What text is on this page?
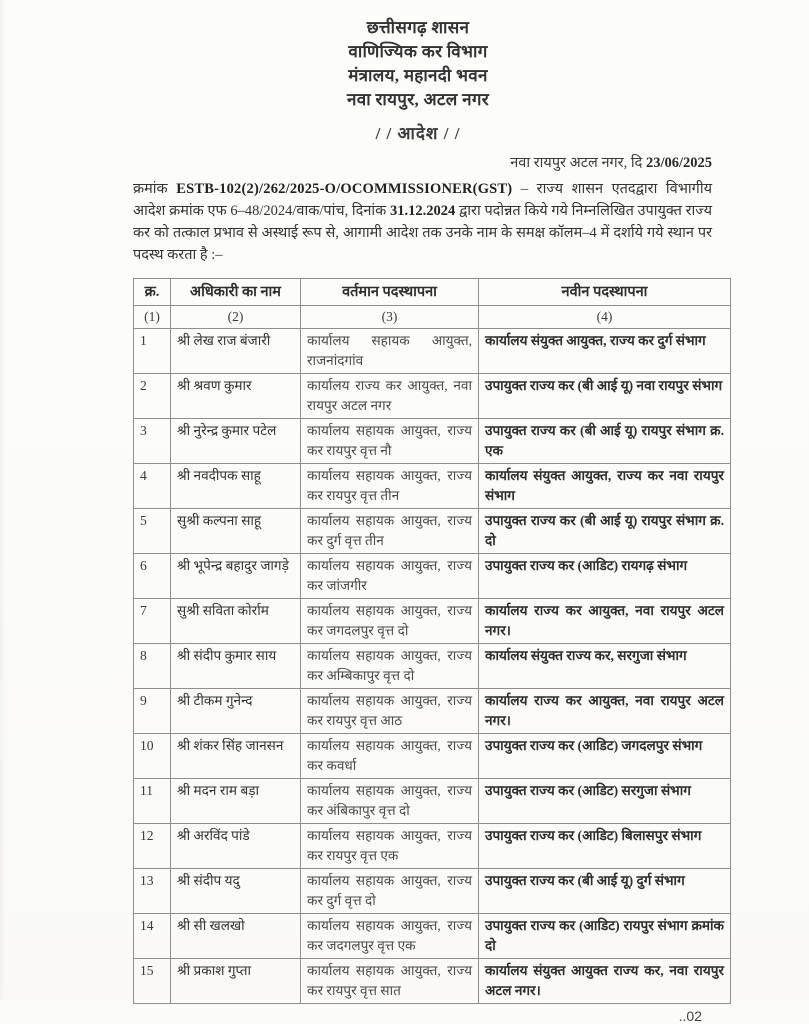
छत्तीसगढ़ शासन
वाणिज्यिक कर विभाग
मंत्रालय, महानदी भवन
नवा रायपुर, अटल नगर
/ / आदेश / /
नवा रायपुर अटल नगर, दि 23/06/2025
क्रमांक ESTB-102(2)/262/2025-O/OCOMMISSIONER(GST) – राज्य शासन एतदद्वारा विभागीय आदेश क्रमांक एफ 6–48/2024/वाक/पांच, दिनांक 31.12.2024 द्वारा पदोन्नत किये गये निम्नलिखित उपायुक्त राज्य कर को तत्काल प्रभाव से अस्थाई रूप से, आगामी आदेश तक उनके नाम के समक्ष कॉलम–4 में दर्शाये गये स्थान पर पदस्थ करता है :–
क्र.	अधिकारी का नाम	वर्तमान पदस्थापना	नवीन पदस्थापना
(1)	(2)	(3)	(4)
1	श्री लेख राज बंजारी	कार्यालय सहायक आयुक्त, राजनांदगांव	कार्यालय संयुक्त आयुक्त, राज्य कर दुर्ग संभाग
2	श्री श्रवण कुमार	कार्यालय राज्य कर आयुक्त, नवा रायपुर अटल नगर	उपायुक्त राज्य कर (बी आई यू) नवा रायपुर संभाग
3	श्री नुरेन्द्र कुमार पटेल	कार्यालय सहायक आयुक्त, राज्य कर रायपुर वृत्त नौ	उपायुक्त राज्य कर (बी आई यू) रायपुर संभाग क्र. एक
4	श्री नवदीपक साहू	कार्यालय सहायक आयुक्त, राज्य कर रायपुर वृत्त तीन	कार्यालय संयुक्त आयुक्त, राज्य कर नवा रायपुर संभाग
5	सुश्री कल्पना साहू	कार्यालय सहायक आयुक्त, राज्य कर दुर्ग वृत्त तीन	उपायुक्त राज्य कर (बी आई यू) रायपुर संभाग क्र. दो
6	श्री भूपेन्द्र बहादुर जागड़े	कार्यालय सहायक आयुक्त, राज्य कर जांजगीर	उपायुक्त राज्य कर (आडिट) रायगढ़ संभाग
7	सुश्री सविता कोर्राम	कार्यालय सहायक आयुक्त, राज्य कर जगदलपुर वृत्त दो	कार्यालय राज्य कर आयुक्त, नवा रायपुर अटल नगर।
8	श्री संदीप कुमार साय	कार्यालय सहायक आयुक्त, राज्य कर अम्बिकापुर वृत्त दो	कार्यालय संयुक्त राज्य कर, सरगुजा संभाग
9	श्री टीकम गुनेन्द	कार्यालय सहायक आयुक्त, राज्य कर रायपुर वृत्त आठ	कार्यालय राज्य कर आयुक्त, नवा रायपुर अटल नगर।
10	श्री शंकर सिंह जानसन	कार्यालय सहायक आयुक्त, राज्य कर कवर्धा	उपायुक्त राज्य कर (आडिट) जगदलपुर संभाग
11	श्री मदन राम बड़ा	कार्यालय सहायक आयुक्त, राज्य कर अंबिकापुर वृत्त दो	उपायुक्त राज्य कर (आडिट) सरगुजा संभाग
12	श्री अरविंद पांडे	कार्यालय सहायक आयुक्त, राज्य कर रायपुर वृत्त एक	उपायुक्त राज्य कर (आडिट) बिलासपुर संभाग
13	श्री संदीप यदु	कार्यालय सहायक आयुक्त, राज्य कर दुर्ग वृत्त दो	उपायुक्त राज्य कर (बी आई यू) दुर्ग संभाग
14	श्री सी खलखो	कार्यालय सहायक आयुक्त, राज्य कर जदगलपुर वृत्त एक	उपायुक्त राज्य कर (आडिट) रायपुर संभाग क्रमांक दो
15	श्री प्रकाश गुप्ता	कार्यालय सहायक आयुक्त, राज्य कर रायपुर वृत्त सात	कार्यालय संयुक्त आयुक्त राज्य कर, नवा रायपुर अटल नगर।
..02
